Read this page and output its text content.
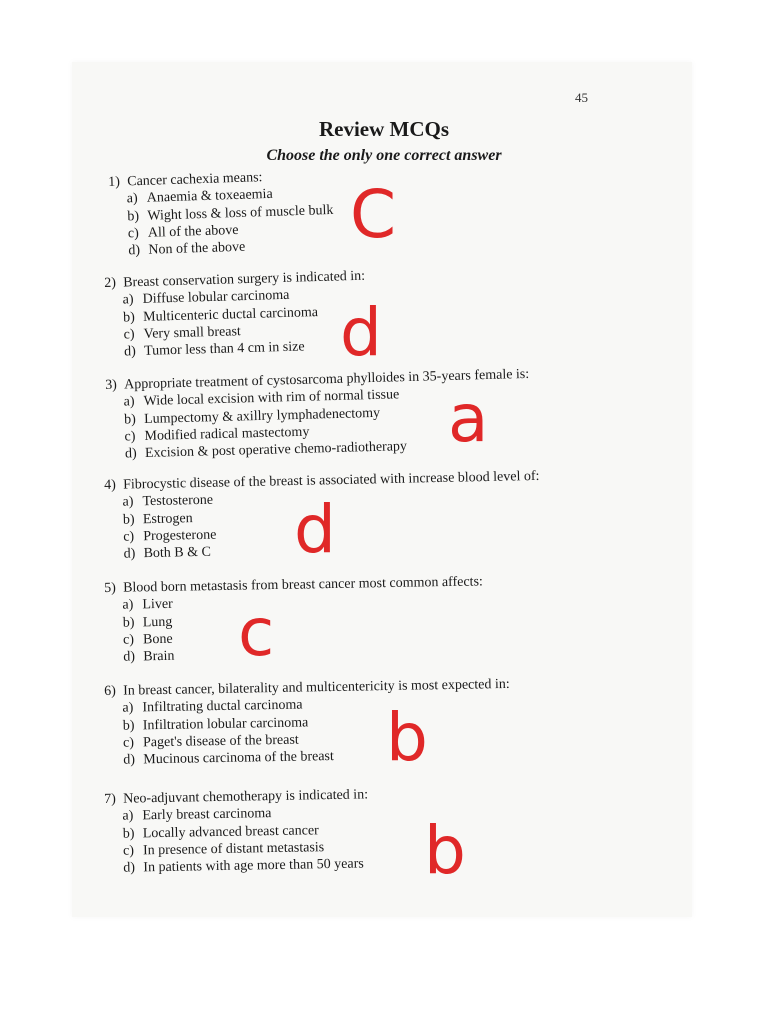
45
Review MCQs
Choose the only one correct answer
1) Cancer cachexia means:
a) Anaemia & toxeaemia
b) Wight loss & loss of muscle bulk
c) All of the above
d) Non of the above C
2) Breast conservation surgery is indicated in:
a) Diffuse lobular carcinoma
b) Multicenteric ductal carcinoma
c) Very small breast
d) Tumor less than 4 cm in size d
3) Appropriate treatment of cystosarcoma phylloides in 35-years female is:
a) Wide local excision with rim of normal tissue
b) Lumpectomy & axillry lymphadenectomy
c) Modified radical mastectomy
d) Excision & post operative chemo-radiotherapy a
4) Fibrocystic disease of the breast is associated with increase blood level of:
a) Testosterone
b) Estrogen
c) Progesterone
d) Both B & C d
5) Blood born metastasis from breast cancer most common affects:
a) Liver
b) Lung
c) Bone
d) Brain c
6) In breast cancer, bilaterality and multicentericity is most expected in:
a) Infiltrating ductal carcinoma
b) Infiltration lobular carcinoma
c) Paget's disease of the breast
d) Mucinous carcinoma of the breast b
7) Neo-adjuvant chemotherapy is indicated in:
a) Early breast carcinoma
b) Locally advanced breast cancer
c) In presence of distant metastasis
d) In patients with age more than 50 years b
